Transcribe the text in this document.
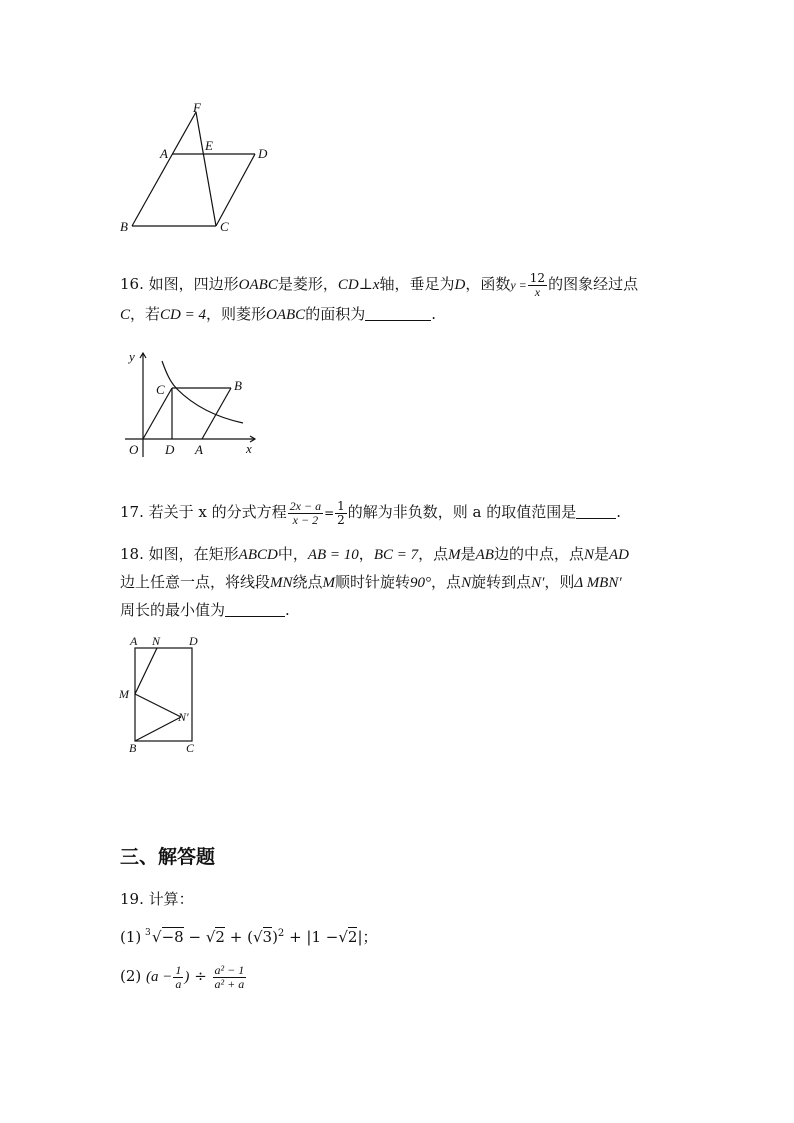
F
A
E
D
B	C
16. 如图，四边形OABC是菱形，CD⊥x轴，垂足为D，函数$y = \frac{12}{x}$ 的图象经过点
C，若CD = 4，则菱形OABC的面积为	.
y
x
O D A
C	B
17. 若关于 x 的分式方程 $\frac{2x - a}{x - 2} = \frac{1}{2}$ 的解为非负数，则 a 的取值范围是	.
18. 如图，在矩形ABCD中，AB = 10，BC = 7，点M是AB边的中点，点N是AD
边上任意一点，将线段MN绕点M顺时针旋转90°，点N旋转到点N′，则Δ MBN′
周长的最小值为	.
A N D
M
N′
B	C
三、解答题
19. 计算：
(1) 3 $√-8 - √2 + (√3)^2 + |1 -√2|$；
(2) ($a - \frac{1}{a}$ ) ÷ $\frac{\text{a² − 1}}{\text{a² + a}}$
